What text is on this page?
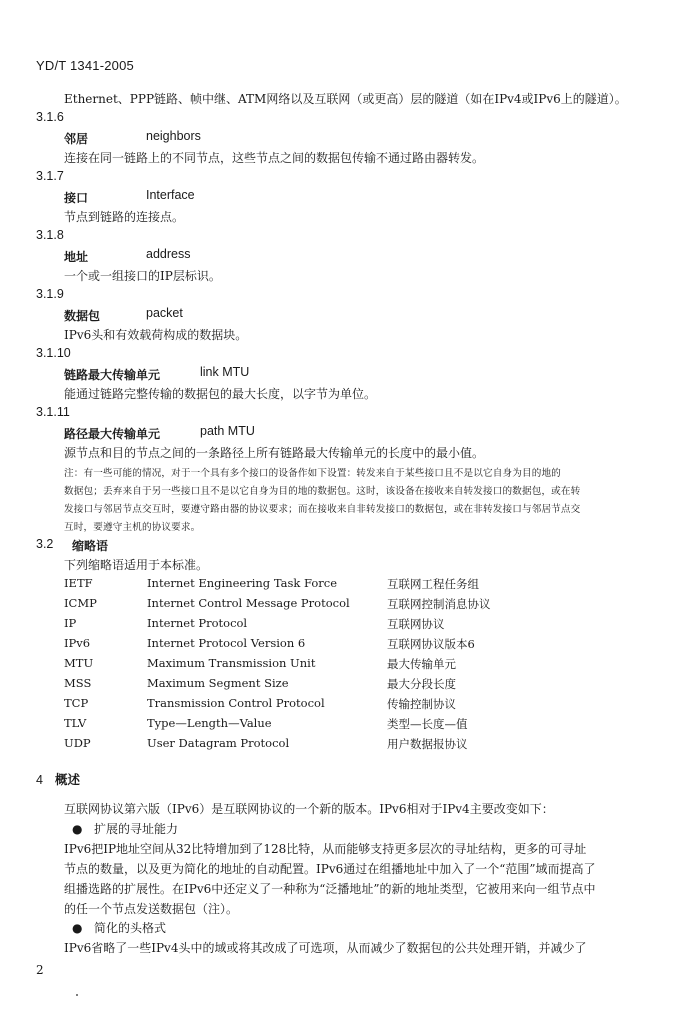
YD/T 1341-2005
Ethernet、PPP链路、帧中继、ATM网络以及互联网（或更高）层的隧道（如在IPv4或IPv6上的隧道）。
3.1.6
邻居	neighbors
连接在同一链路上的不同节点，这些节点之间的数据包传输不通过路由器转发。
3.1.7
接口	Interface
节点到链路的连接点。
3.1.8
地址	address
一个或一组接口的IP层标识。
3.1.9
数据包	packet
IPv6头和有效载荷构成的数据块。
3.1.10
链路最大传输单元	link MTU
能通过链路完整传输的数据包的最大长度，以字节为单位。
3.1.11
路径最大传输单元	path MTU
源节点和目的节点之间的一条路径上所有链路最大传输单元的长度中的最小值。
注：有一些可能的情况，对于一个具有多个接口的设备作如下设置：转发来自于某些接口且不是以它自身为目的地的
数据包；丢弃来自于另一些接口且不是以它自身为目的地的数据包。这时，该设备在接收来自转发接口的数据包，或在转
发接口与邻居节点交互时，要遵守路由器的协议要求；而在接收来自非转发接口的数据包，或在非转发接口与邻居节点交
互时，要遵守主机的协议要求。
3.2 缩略语
下列缩略语适用于本标准。
IETF	Internet Engineering Task Force	互联网工程任务组
ICMP	Internet Control Message Protocol	互联网控制消息协议
IP	Internet Protocol	互联网协议
IPv6	Internet Protocol Version 6	互联网协议版本6
MTU	Maximum Transmission Unit	最大传输单元
MSS	Maximum Segment Size	最大分段长度
TCP	Transmission Control Protocol	传输控制协议
TLV	Type—Length—Value	类型—长度—值
UDP	User Datagram Protocol	用户数据报协议
4 概述
互联网协议第六版（IPv6）是互联网协议的一个新的版本。IPv6相对于IPv4主要改变如下：
● 扩展的寻址能力
IPv6把IP地址空间从32比特增加到了128比特，从而能够支持更多层次的寻址结构，更多的可寻址
节点的数量，以及更为简化的地址的自动配置。IPv6通过在组播地址中加入了一个“范围”域而提高了
组播选路的扩展性。在IPv6中还定义了一种称为“泛播地址”的新的地址类型，它被用来向一组节点中
的任一个节点发送数据包（注）。
● 简化的头格式
IPv6省略了一些IPv4头中的域或将其改成了可选项，从而减少了数据包的公共处理开销，并减少了
2
